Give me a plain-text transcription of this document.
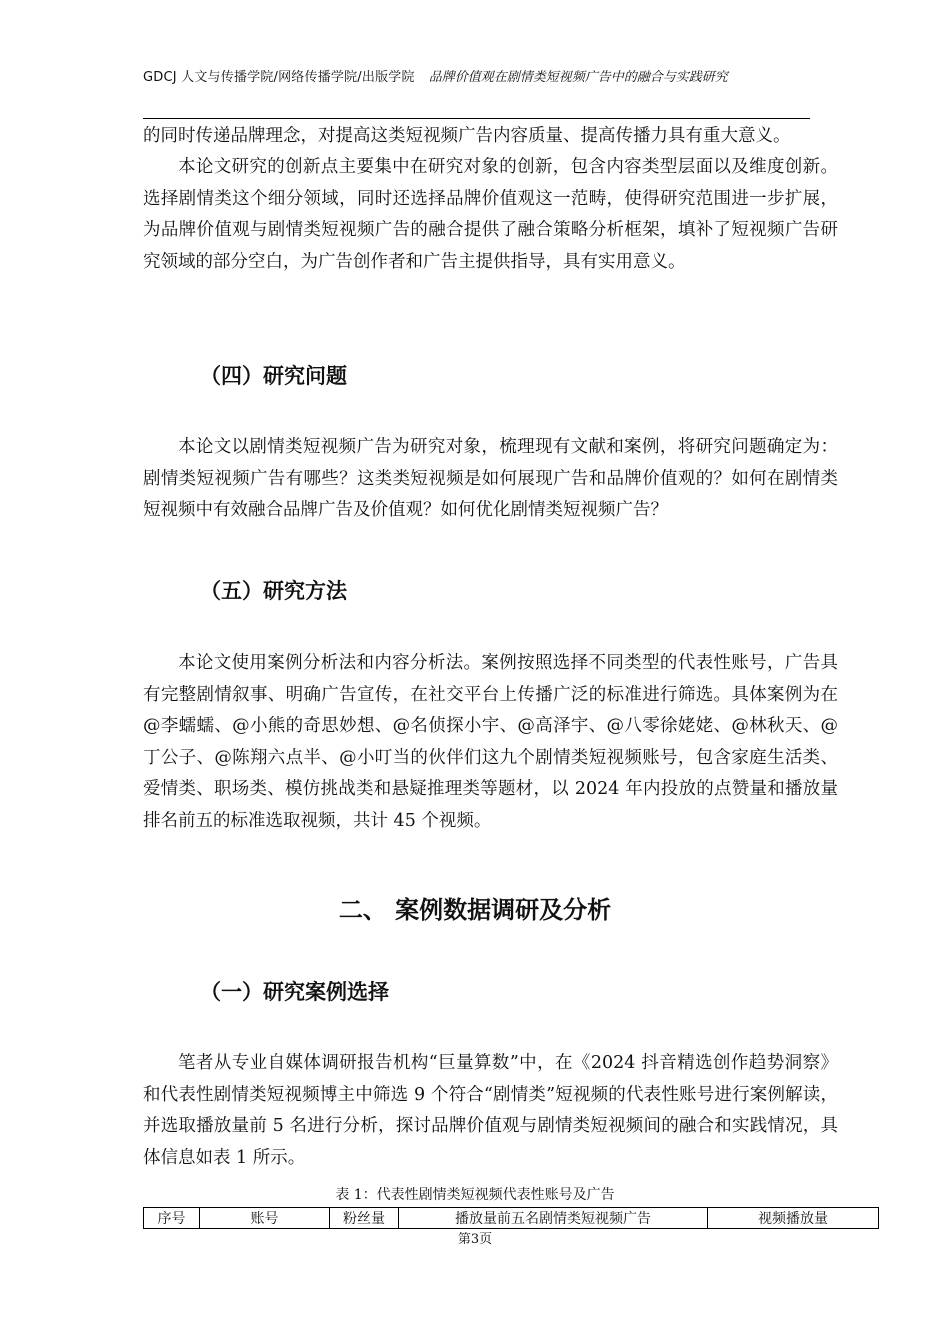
GDCJ 人文与传播学院/网络传播学院/出版学院 品牌价值观在剧情类短视频广告中的融合与实践研究

的同时传递品牌理念，对提高这类短视频广告内容质量、提高传播力具有重大意义。

本论文研究的创新点主要集中在研究对象的创新，包含内容类型层面以及维度创新。选择剧情类这个细分领域，同时还选择品牌价值观这一范畴，使得研究范围进一步扩展，为品牌价值观与剧情类短视频广告的融合提供了融合策略分析框架，填补了短视频广告研究领域的部分空白，为广告创作者和广告主提供指导，具有实用意义。

（四）研究问题

本论文以剧情类短视频广告为研究对象，梳理现有文献和案例，将研究问题确定为：剧情类短视频广告有哪些？这类类短视频是如何展现广告和品牌价值观的？如何在剧情类短视频中有效融合品牌广告及价值观？如何优化剧情类短视频广告？

（五）研究方法

本论文使用案例分析法和内容分析法。案例按照选择不同类型的代表性账号，广告具有完整剧情叙事、明确广告宣传，在社交平台上传播广泛的标准进行筛选。具体案例为在@李蠕蠕、@小熊的奇思妙想、@名侦探小宇、@高泽宇、@八零徐姥姥、@林秋天、@丁公子、@陈翔六点半、@小叮当的伙伴们这九个剧情类短视频账号，包含家庭生活类、爱情类、职场类、模仿挑战类和悬疑推理类等题材，以 2024 年内投放的点赞量和播放量排名前五的标准选取视频，共计 45 个视频。

二、 案例数据调研及分析
（一）研究案例选择

笔者从专业自媒体调研报告机构“巨量算数”中，在《2024 抖音精选创作趋势洞察》和代表性剧情类短视频博主中筛选 9 个符合“剧情类”短视频的代表性账号进行案例解读，并选取播放量前 5 名进行分析，探讨品牌价值观与剧情类短视频间的融合和实践情况，具体信息如表 1 所示。

表 1：代表性剧情类短视频代表性账号及广告
序号	账号	粉丝量	播放量前五名剧情类短视频广告	视频播放量
第3页
